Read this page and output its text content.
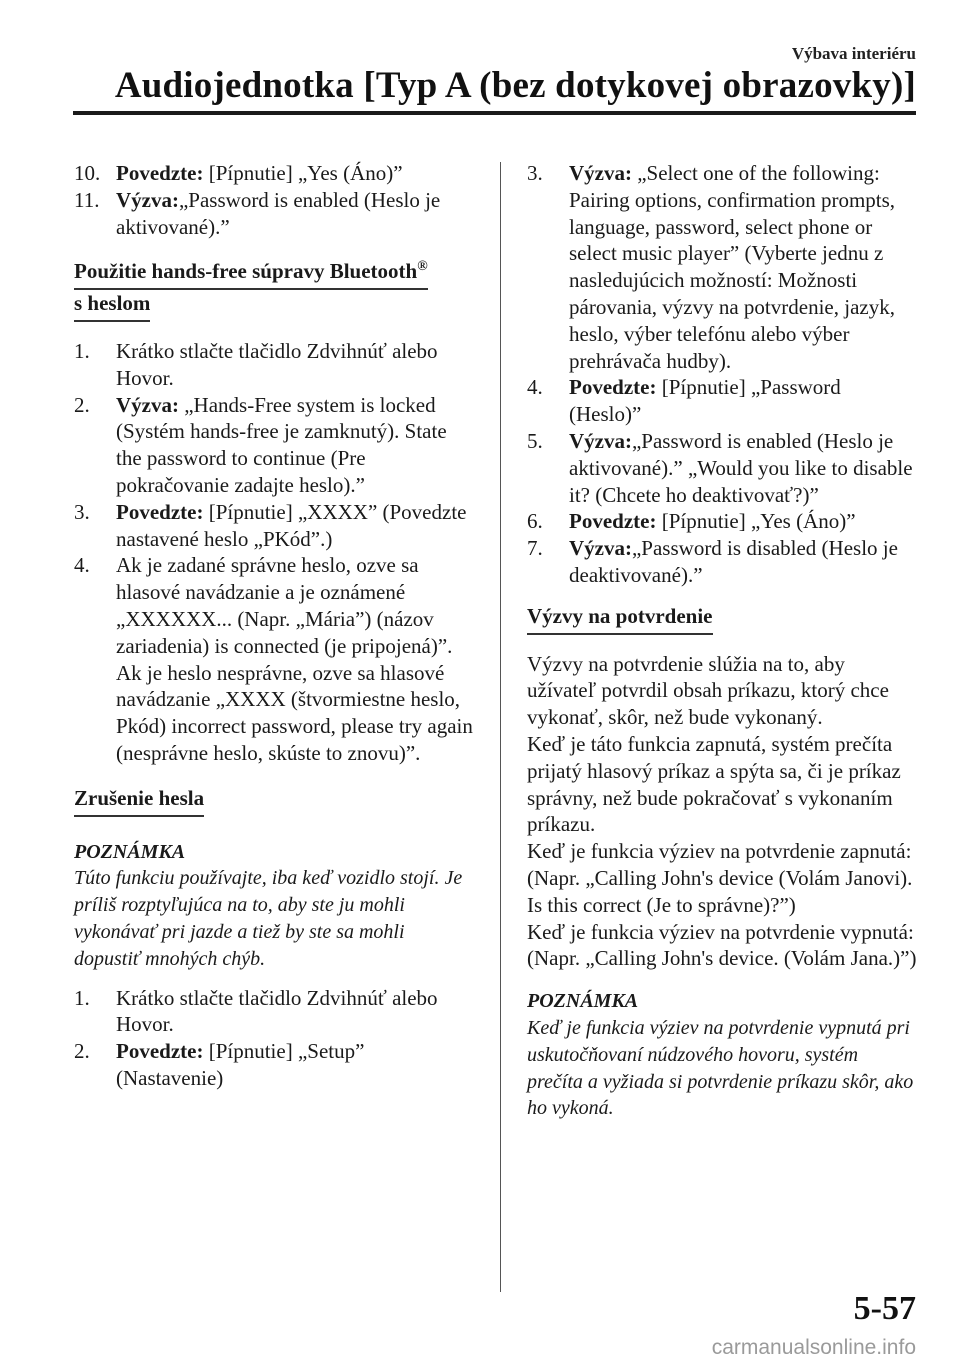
Výbava interiéru
Audiojednotka [Typ A (bez dotykovej obrazovky)]
10. Povedzte: [Pípnutie] „Yes (Áno)”
11. Výzva:„Password is enabled (Heslo je aktivované).”
Použitie hands-free súpravy Bluetooth®
s heslom
1. Krátko stlačte tlačidlo Zdvihnúť alebo Hovor.
2. Výzva: „Hands-Free system is locked (Systém hands-free je zamknutý). State the password to continue (Pre pokračovanie zadajte heslo).”
3. Povedzte: [Pípnutie] „XXXX” (Povedzte nastavené heslo „PKód”.)
4. Ak je zadané správne heslo, ozve sa hlasové navádzanie a je oznámené „XXXXXX... (Napr. „Mária”) (názov zariadenia) is connected (je pripojená)”.
Ak je heslo nesprávne, ozve sa hlasové navádzanie „XXXX (štvormiestne heslo, Pkód) incorrect password, please try again (nesprávne heslo, skúste to znovu)”.
Zrušenie hesla
POZNÁMKA
Túto funkciu používajte, iba keď vozidlo stojí. Je príliš rozptyľujúca na to, aby ste ju mohli vykonávať pri jazde a tiež by ste sa mohli dopustiť mnohých chýb.
1. Krátko stlačte tlačidlo Zdvihnúť alebo Hovor.
2. Povedzte: [Pípnutie] „Setup” (Nastavenie)
3. Výzva: „Select one of the following: Pairing options, confirmation prompts, language, password, select phone or select music player” (Vyberte jednu z nasledujúcich možností: Možnosti párovania, výzvy na potvrdenie, jazyk, heslo, výber telefónu alebo výber prehrávača hudby).
4. Povedzte: [Pípnutie] „Password (Heslo)”
5. Výzva:„Password is enabled (Heslo je aktivované).” „Would you like to disable it? (Chcete ho deaktivovať?)”
6. Povedzte: [Pípnutie] „Yes (Áno)”
7. Výzva:„Password is disabled (Heslo je deaktivované).”
Výzvy na potvrdenie

Výzvy na potvrdenie slúžia na to, aby užívateľ potvrdil obsah príkazu, ktorý chce vykonať, skôr, než bude vykonaný.

Keď je táto funkcia zapnutá, systém prečíta prijatý hlasový príkaz a spýta sa, či je príkaz správny, než bude pokračovať s vykonaním príkazu.

Keď je funkcia výziev na potvrdenie zapnutá:

(Napr. „Calling John's device (Volám Janovi). Is this correct (Je to správne)?”)

Keď je funkcia výziev na potvrdenie vypnutá:

(Napr. „Calling John's device. (Volám Jana.)”)

POZNÁMKA
Keď je funkcia výziev na potvrdenie vypnutá pri uskutočňovaní núdzového hovoru, systém prečíta a vyžiada si potvrdenie príkazu skôr, ako ho vykoná.
5-57
carmanualsonline.info
